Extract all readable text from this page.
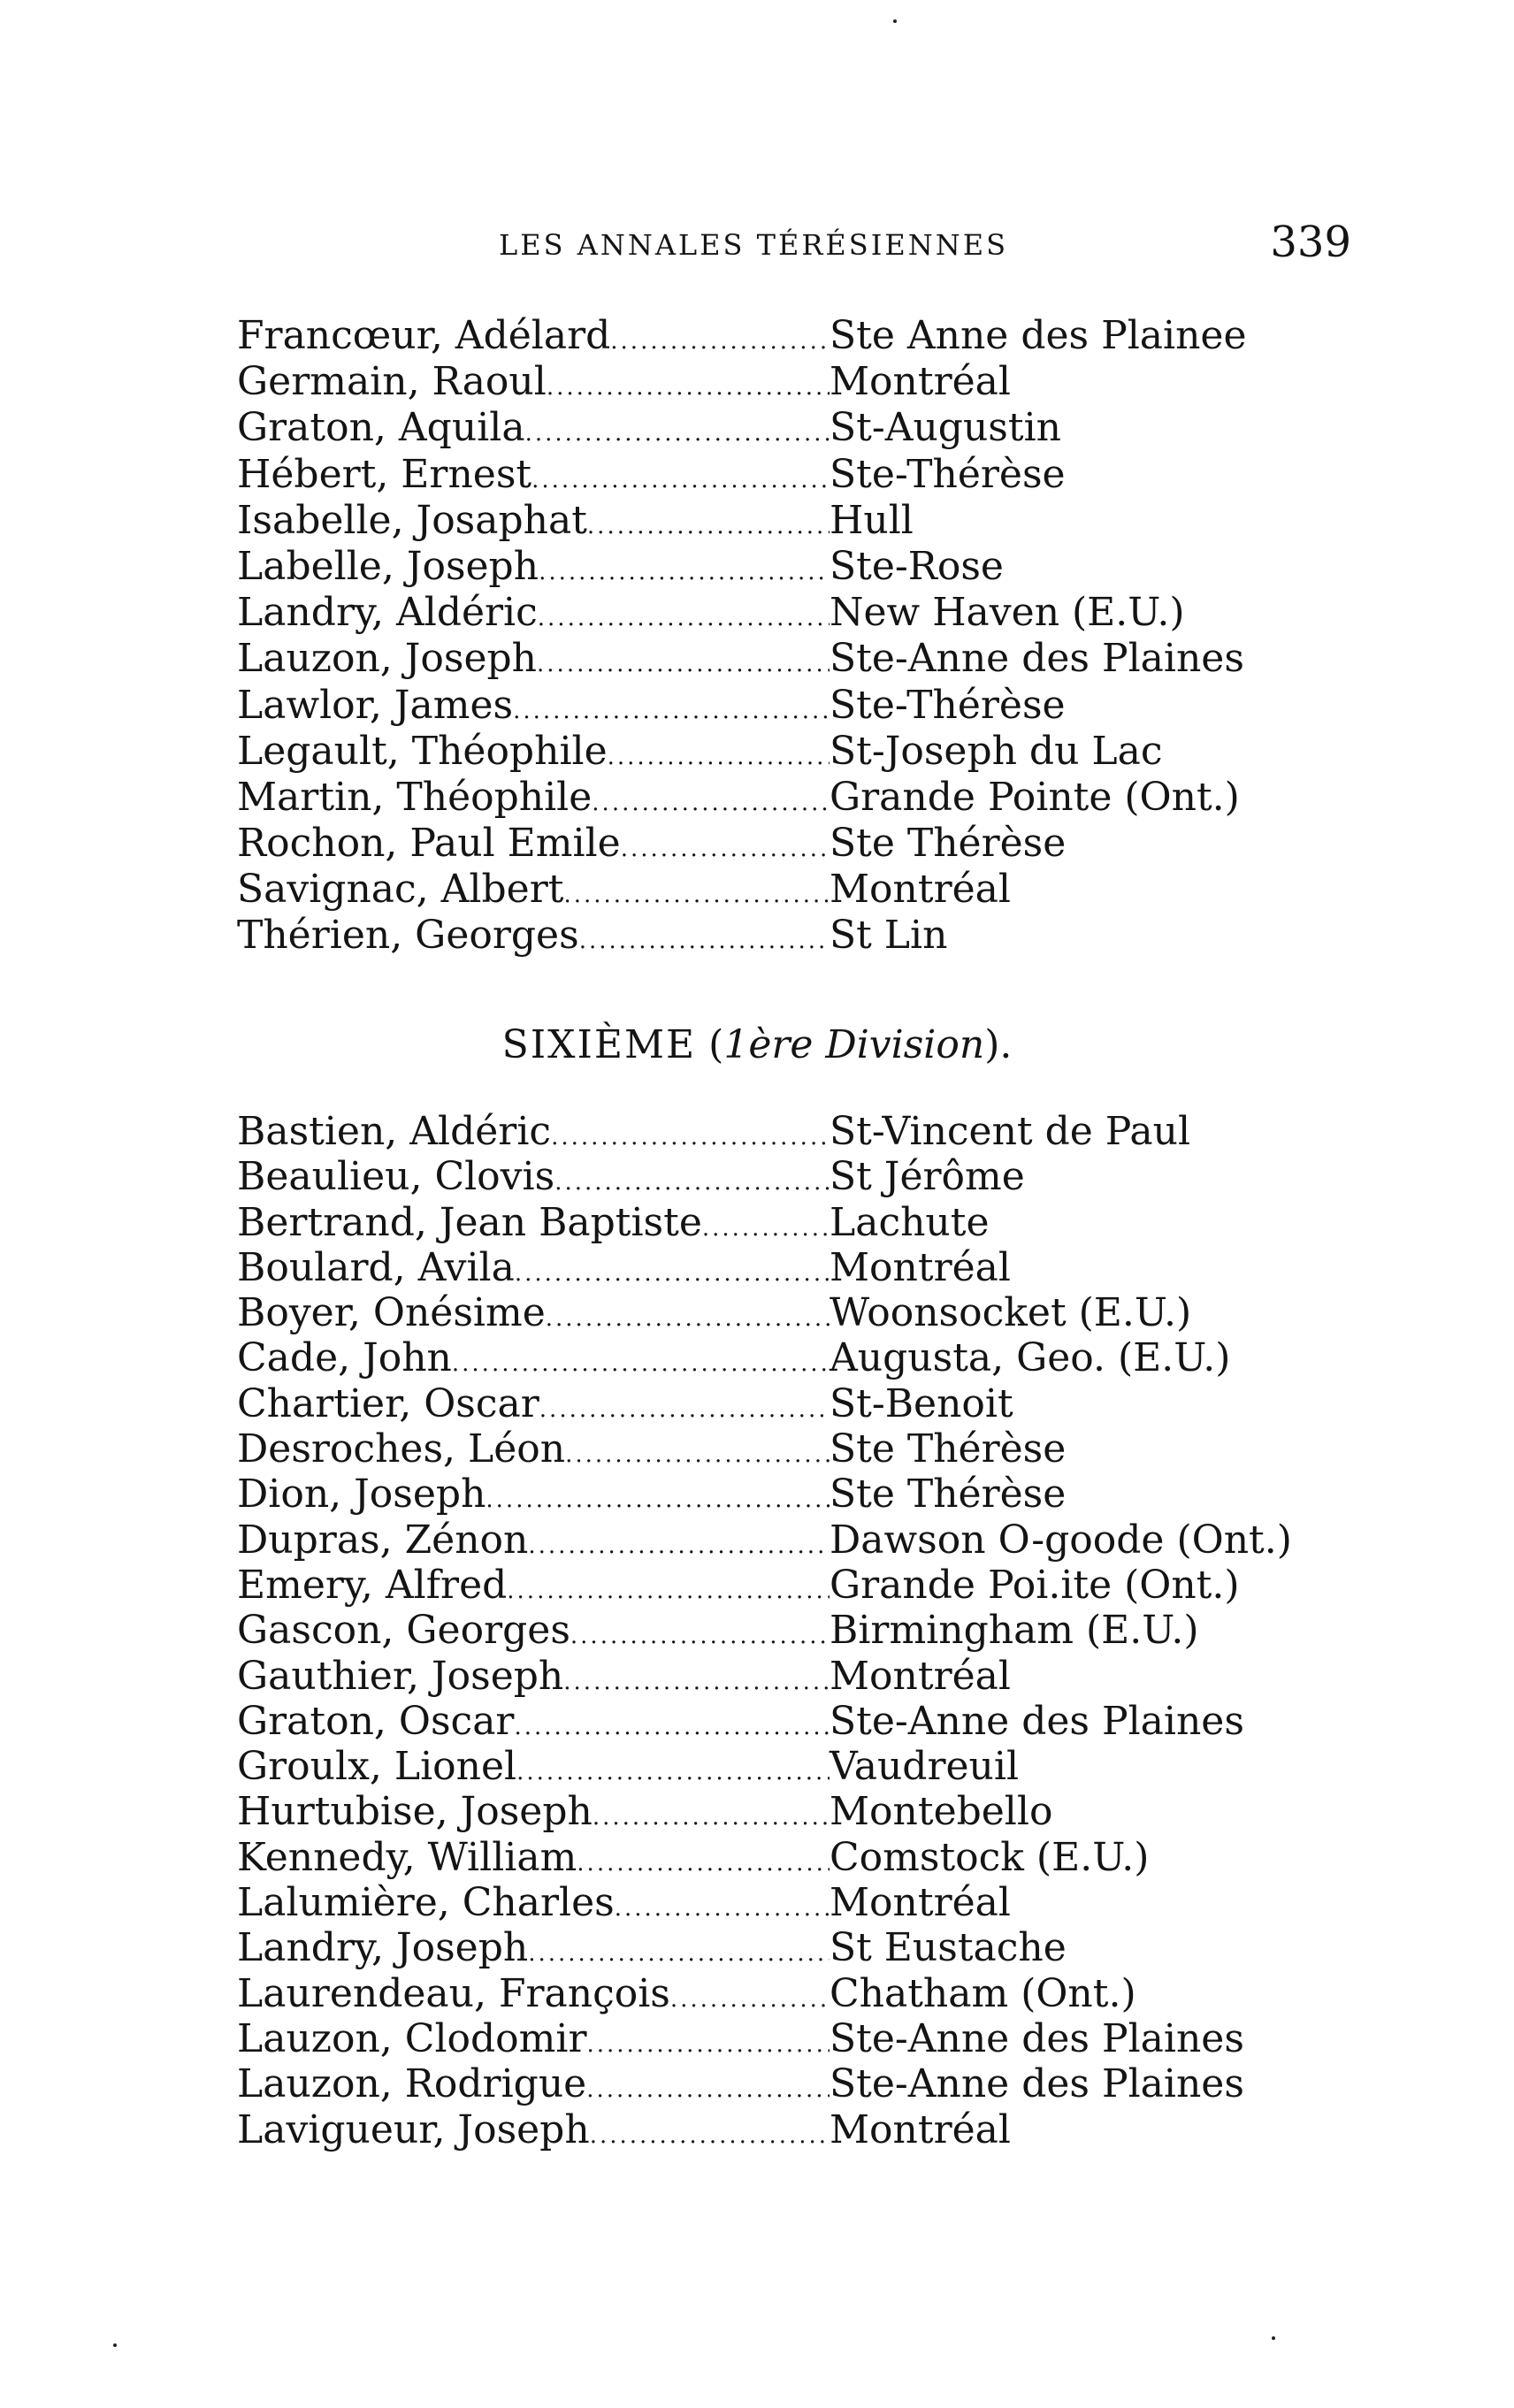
LES ANNALES TÉRÉSIENNES	339
Francœur, Adélard .....	Ste Anne des Plainee
Germain, Raoul .....	Montréal
Graton, Aquila .....	St-Augustin
Hébert, Ernest .....	Ste-Thérèse
Isabelle, Josaphat .....	Hull
Labelle, Joseph .....	Ste-Rose
Landry, Aldéric .....	New Haven (E.U.)
Lauzon, Joseph .....	Ste-Anne des Plaines
Lawlor, James .....	Ste-Thérèse
Legault, Théophile .....	St-Joseph du Lac
Martin, Théophile .....	Grande Pointe (Ont.)
Rochon, Paul Emile .....	Ste Thérèse
Savignac, Albert .....	Montréal
Thérien, Georges .....	St Lin
SIXIÈME (1ère Division).
Bastien, Aldéric .....	St-Vincent de Paul
Beaulieu, Clovis .....	St Jérôme
Bertrand, Jean Baptiste .....	Lachute
Boulard, Avila .....	Montréal
Boyer, Onésime .....	Woonsocket (E.U.)
Cade, John .....	Augusta, Geo. (E.U.)
Chartier, Oscar .....	St-Benoit
Desroches, Léon .....	Ste Thérèse
Dion, Joseph .....	Ste Thérèse
Dupras, Zénon .....	Dawson O-goode (Ont.)
Emery, Alfred .....	Grande Poi.ite (Ont.)
Gascon, Georges .....	Birmingham (E.U.)
Gauthier, Joseph .....	Montréal
Graton, Oscar .....	Ste-Anne des Plaines
Groulx, Lionel .....	Vaudreuil
Hurtubise, Joseph .....	Montebello
Kennedy, William .....	Comstock (E.U.)
Lalumière, Charles .....	Montréal
Landry, Joseph .....	St Eustache
Laurendeau, François .....	Chatham (Ont.)
Lauzon, Clodomir .....	Ste-Anne des Plaines
Lauzon, Rodrigue .....	Ste-Anne des Plaines
Lavigueur, Joseph .....	Montréal
